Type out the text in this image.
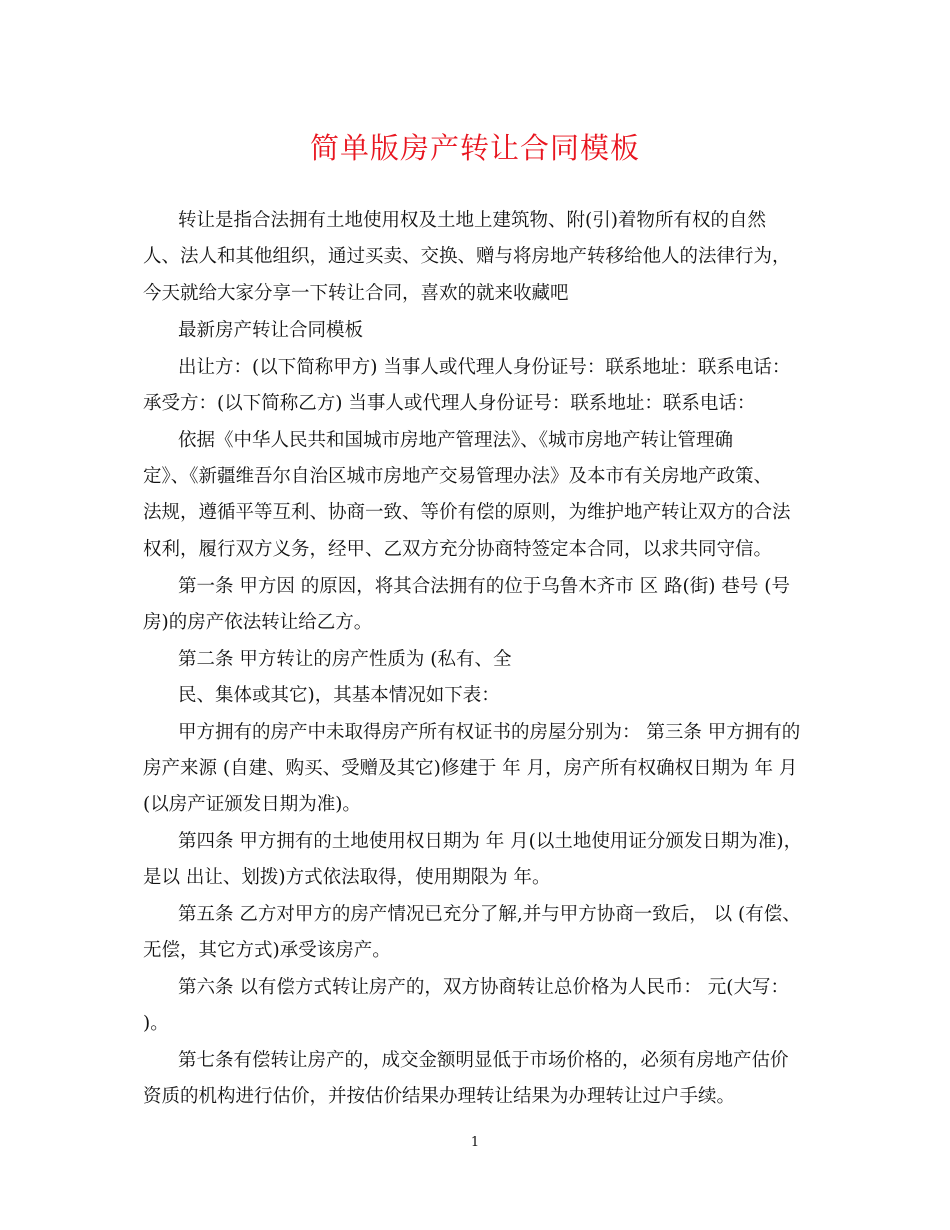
简单版房产转让合同模板
转让是指合法拥有土地使用权及土地上建筑物、附(引)着物所有权的自然
人、法人和其他组织，通过买卖、交换、赠与将房地产转移给他人的法律行为，
今天就给大家分享一下转让合同，喜欢的就来收藏吧
最新房产转让合同模板
出让方：(以下简称甲方) 当事人或代理人身份证号：联系地址：联系电话：
承受方：(以下简称乙方) 当事人或代理人身份证号：联系地址：联系电话：
依据《中华人民共和国城市房地产管理法》、《城市房地产转让管理确
定》、《新疆维吾尔自治区城市房地产交易管理办法》及本市有关房地产政策、
法规，遵循平等互利、协商一致、等价有偿的原则，为维护地产转让双方的合法
权利，履行双方义务，经甲、乙双方充分协商特签定本合同，以求共同守信。
第一条 甲方因 的原因，将其合法拥有的位于乌鲁木齐市 区 路(街) 巷号 (号
房)的房产依法转让给乙方。
第二条 甲方转让的房产性质为 (私有、全
民、集体或其它)，其基本情况如下表：
甲方拥有的房产中未取得房产所有权证书的房屋分别为： 第三条 甲方拥有的
房产来源 (自建、购买、受赠及其它)修建于 年 月，房产所有权确权日期为 年 月
(以房产证颁发日期为准)。
第四条 甲方拥有的土地使用权日期为 年 月(以土地使用证分颁发日期为准)，
是以 出让、划拨)方式依法取得，使用期限为 年。
第五条 乙方对甲方的房产情况已充分了解,并与甲方协商一致后， 以 (有偿、
无偿，其它方式)承受该房产。
第六条 以有偿方式转让房产的，双方协商转让总价格为人民币： 元(大写：
)。
第七条有偿转让房产的，成交金额明显低于市场价格的，必须有房地产估价
资质的机构进行估价，并按估价结果办理转让结果为办理转让过户手续。
1
